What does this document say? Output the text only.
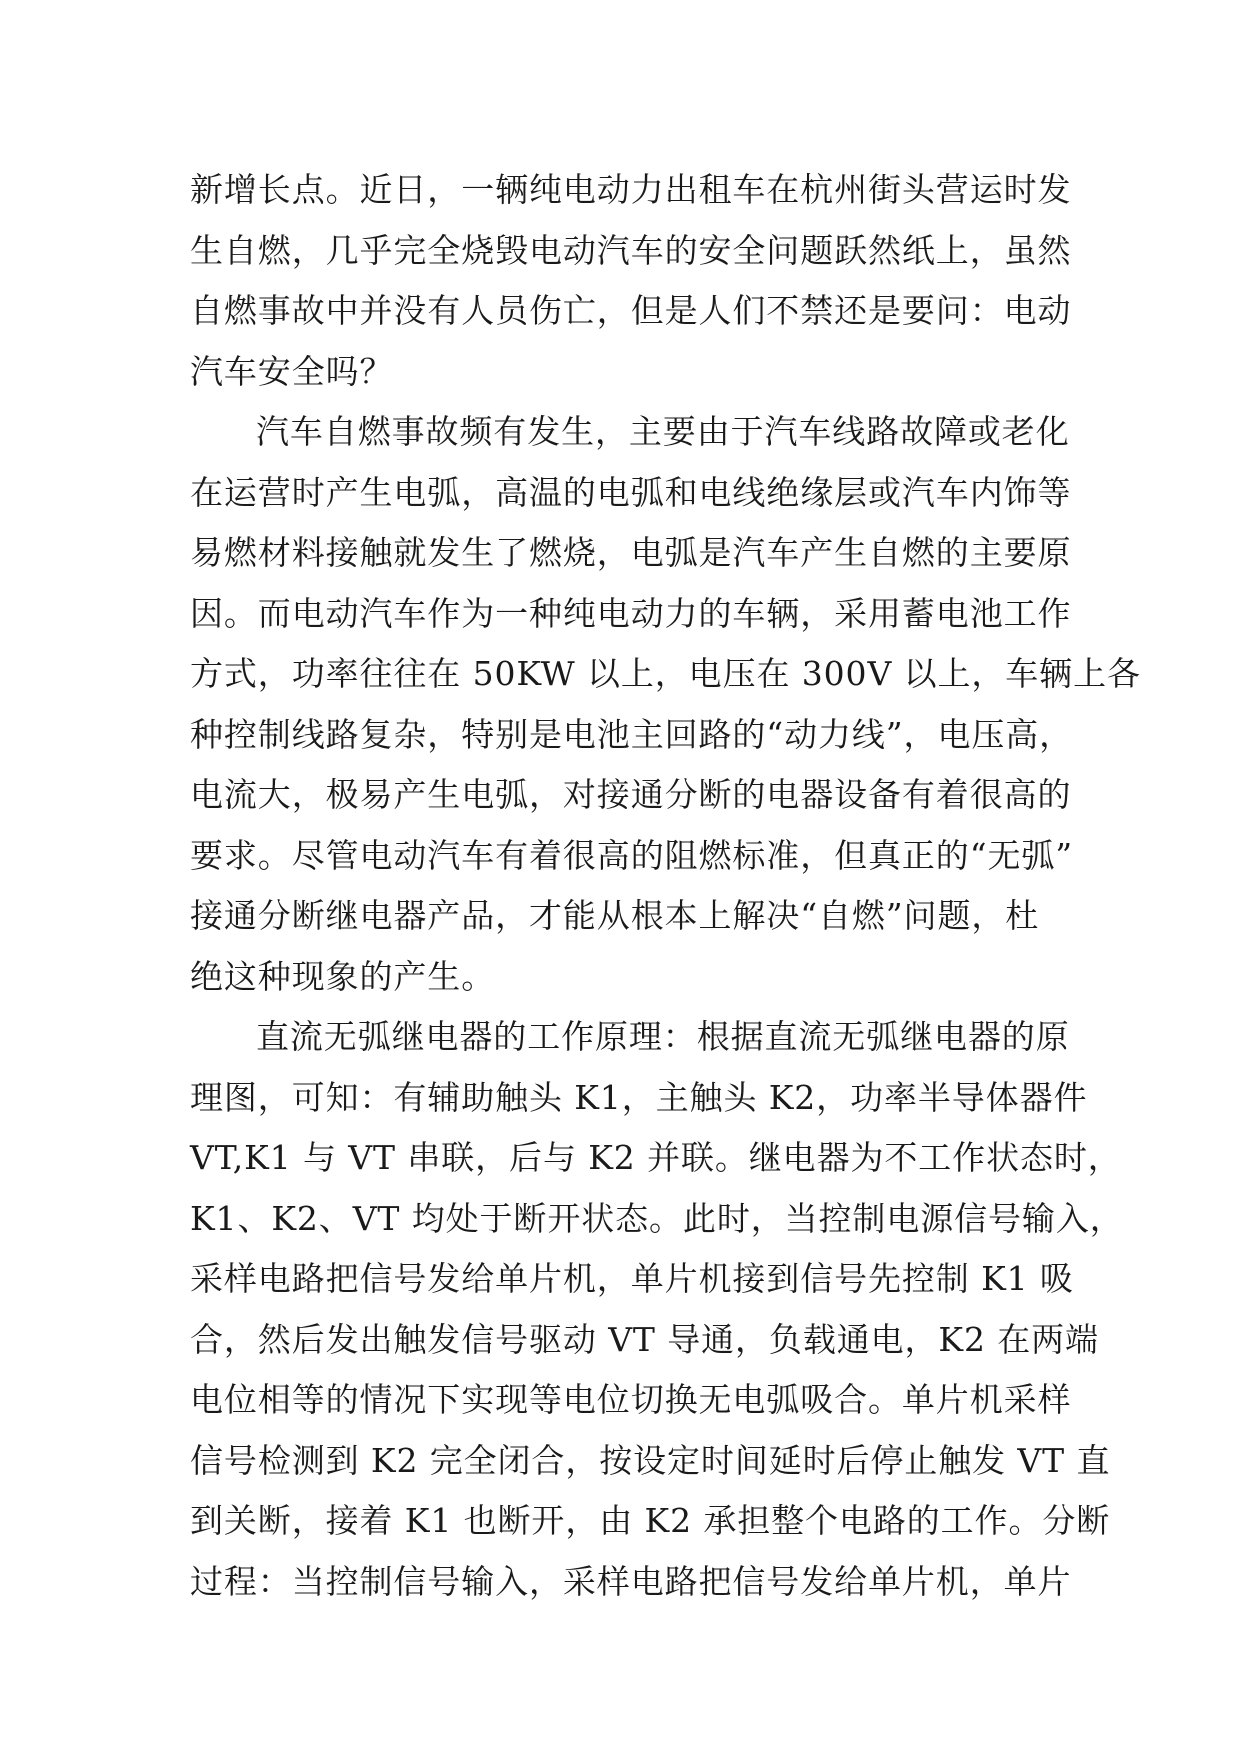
新增长点。近日，一辆纯电动力出租车在杭州街头营运时发
生自燃，几乎完全烧毁电动汽车的安全问题跃然纸上，虽然
自燃事故中并没有人员伤亡，但是人们不禁还是要问：电动
汽车安全吗？
汽车自燃事故频有发生，主要由于汽车线路故障或老化
在运营时产生电弧，高温的电弧和电线绝缘层或汽车内饰等
易燃材料接触就发生了燃烧，电弧是汽车产生自燃的主要原
因。而电动汽车作为一种纯电动力的车辆，采用蓄电池工作
方式，功率往往在 50KW 以上，电压在 300V 以上，车辆上各
种控制线路复杂，特别是电池主回路的“动力线”，电压高，
电流大，极易产生电弧，对接通分断的电器设备有着很高的
要求。尽管电动汽车有着很高的阻燃标准，但真正的“无弧”
接通分断继电器产品，才能从根本上解决“自燃”问题，杜
绝这种现象的产生。
直流无弧继电器的工作原理：根据直流无弧继电器的原
理图，可知：有辅助触头 K1，主触头 K2，功率半导体器件
VT,K1 与 VT 串联，后与 K2 并联。继电器为不工作状态时，
K1、K2、VT 均处于断开状态。此时，当控制电源信号输入，
采样电路把信号发给单片机，单片机接到信号先控制 K1 吸
合，然后发出触发信号驱动 VT 导通，负载通电，K2 在两端
电位相等的情况下实现等电位切换无电弧吸合。单片机采样
信号检测到 K2 完全闭合，按设定时间延时后停止触发 VT 直
到关断，接着 K1 也断开，由 K2 承担整个电路的工作。分断
过程：当控制信号输入，采样电路把信号发给单片机，单片
